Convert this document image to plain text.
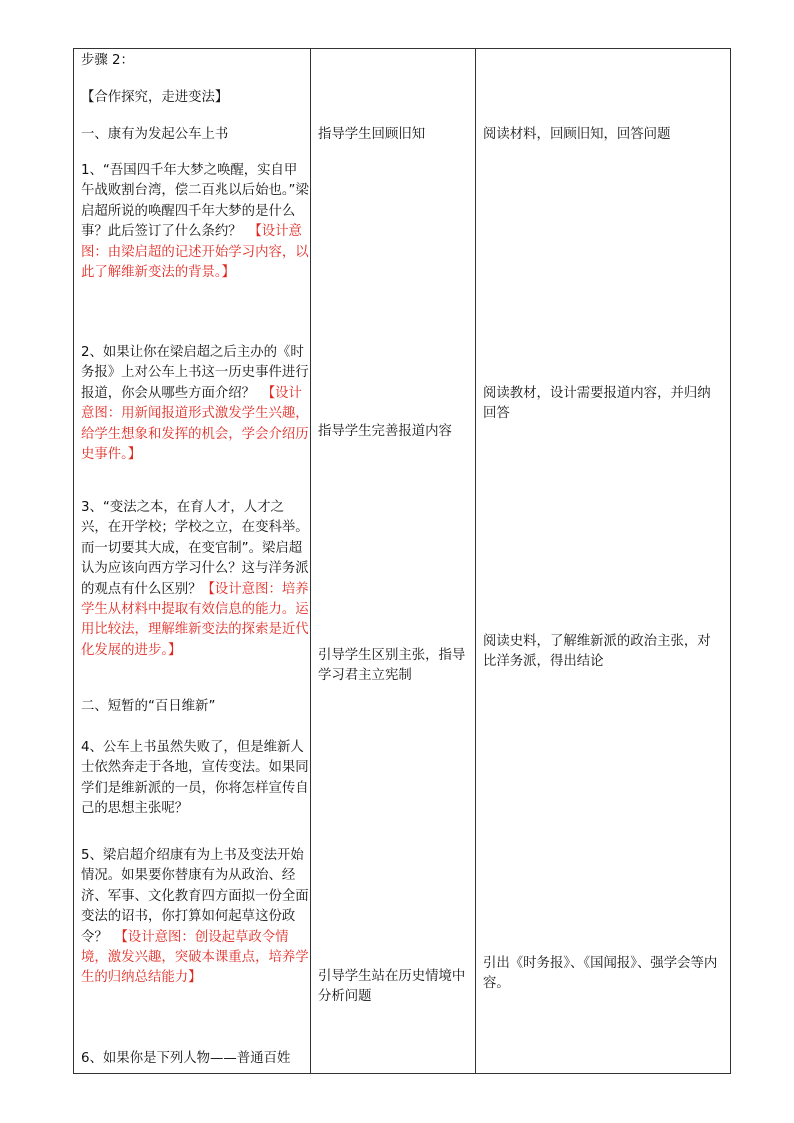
步骤 2：

【合作探究，走进变法】

一、康有为发起公车上书

1、“吾国四千年大梦之唤醒，实自甲午战败割台湾，偿二百兆以后始也。”梁启超所说的唤醒四千年大梦的是什么事？此后签订了什么条约？　 【设计意图：由梁启超的记述开始学习内容，以此了解维新变法的背景。】

2、如果让你在梁启超之后主办的《时务报》上对公车上书这一历史事件进行报道，你会从哪些方面介绍？　 【设计意图：用新闻报道形式激发学生兴趣，给学生想象和发挥的机会，学会介绍历史事件。】

3、“变法之本，在育人才，人才之兴，在开学校；学校之立，在变科举。而一切要其大成，在变官制”。梁启超认为应该向西方学习什么？这与洋务派的观点有什么区别？【设计意图：培养学生从材料中提取有效信息的能力。运用比较法，理解维新变法的探索是近代化发展的进步。】

二、短暂的“百日维新”

4、公车上书虽然失败了，但是维新人士依然奔走于各地，宣传变法。如果同学们是维新派的一员，你将怎样宣传自己的思想主张呢？

5、梁启超介绍康有为上书及变法开始情况。如果要你替康有为从政治、经济、军事、文化教育四方面拟一份全面变法的诏书，你打算如何起草这份政令？　 【设计意图：创设起草政令情境，激发兴趣，突破本课重点，培养学生的归纳总结能力】

6、如果你是下列人物——普通百姓

指导学生回顾旧知

指导学生完善报道内容

引导学生区别主张，指导学习君主立宪制

引导学生站在历史情境中分析问题

阅读材料，回顾旧知，回答问题

阅读教材，设计需要报道内容，并归纳回答

阅读史料，了解维新派的政治主张，对比洋务派，得出结论

引出《时务报》、《国闻报》、强学会等内容。
